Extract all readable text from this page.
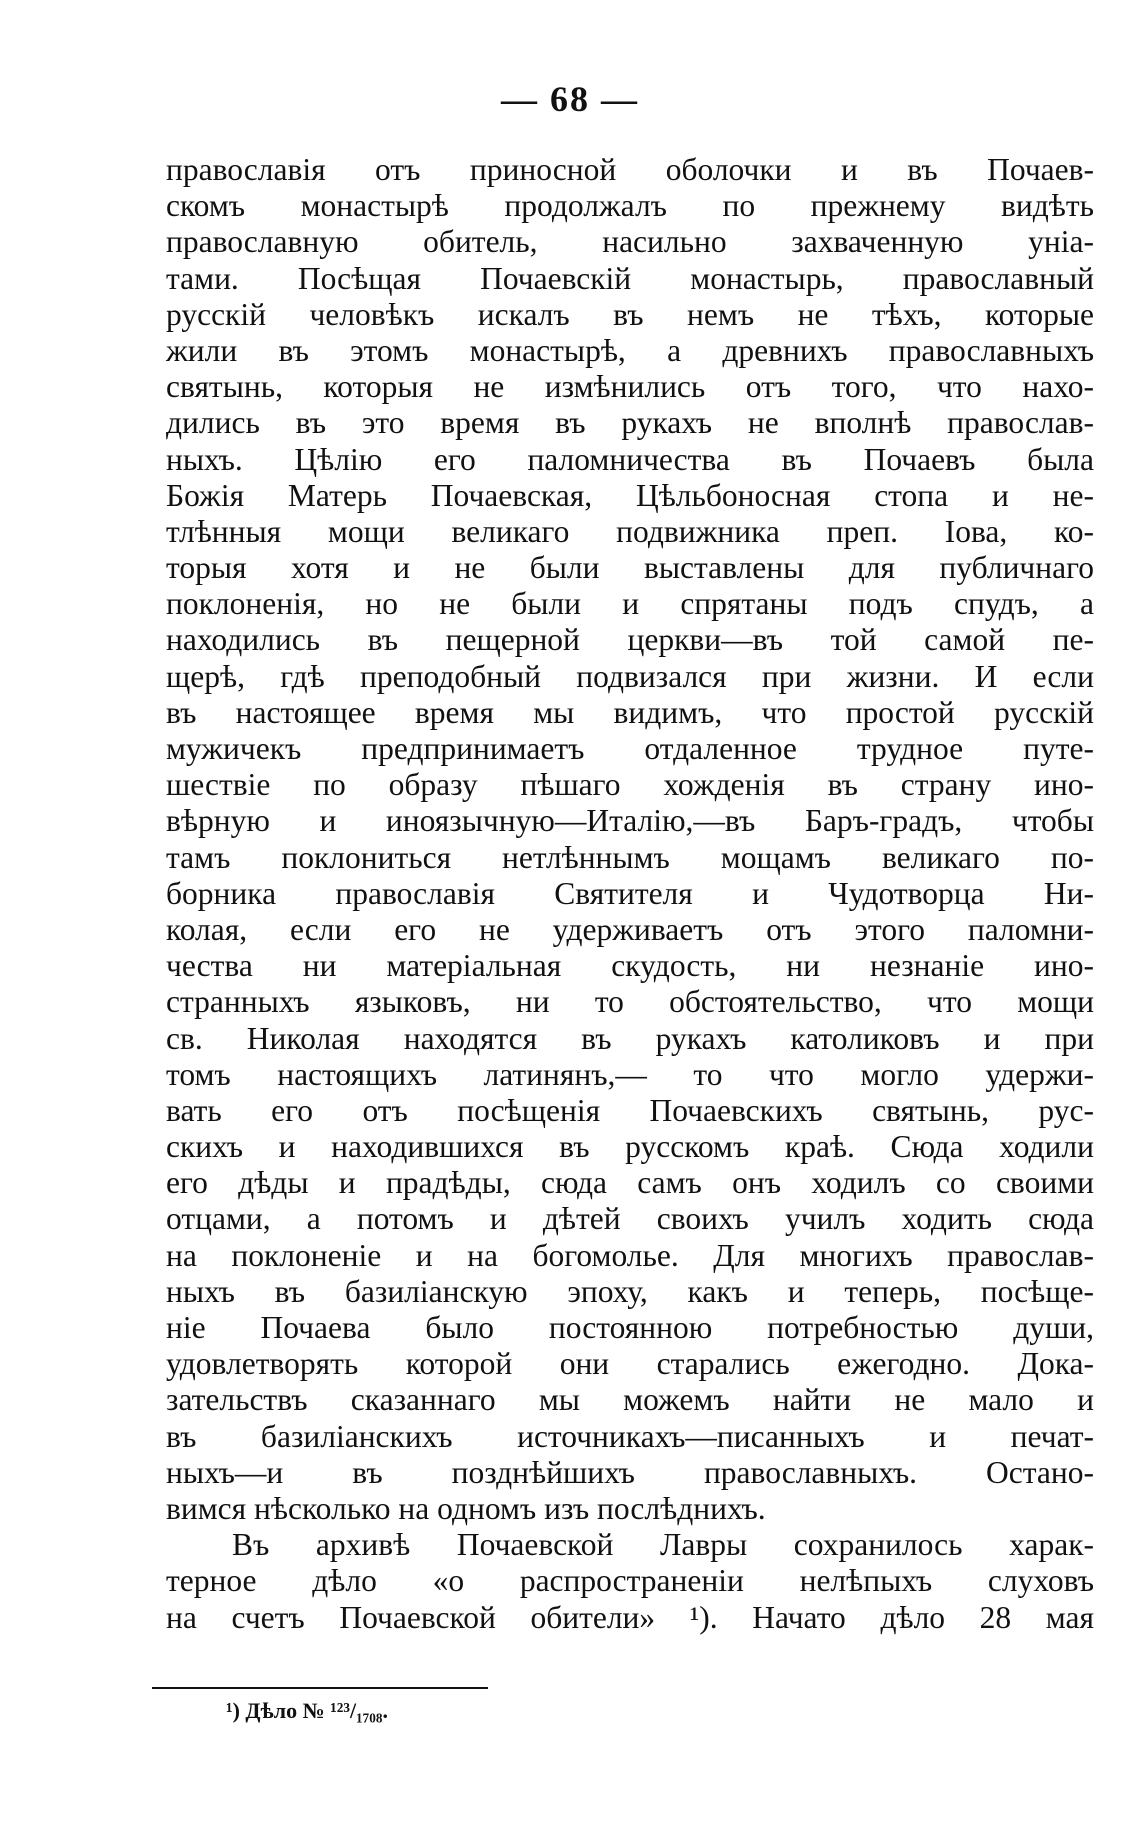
— 68 —
православія отъ приносной оболочки и въ Почаев-
скомъ монастырѣ продолжалъ по прежнему видѣть
православную обитель, насильно захваченную уніа-
тами. Посѣщая Почаевскій монастырь, православный
русскій человѣкъ искалъ въ немъ не тѣхъ, которые
жили въ этомъ монастырѣ, а древнихъ православныхъ
святынь, которыя не измѣнились отъ того, что нахо-
дились въ это время въ рукахъ не вполнѣ православ-
ныхъ. Цѣлію его паломничества въ Почаевъ была
Божія Матерь Почаевская, Цѣльбоносная стопа и не-
тлѣнныя мощи великаго подвижника преп. Іова, ко-
торыя хотя и не были выставлены для публичнаго
поклоненія, но не были и спрятаны подъ спудъ, а
находились въ пещерной церкви—въ той самой пе-
щерѣ, гдѣ преподобный подвизался при жизни. И если
въ настоящее время мы видимъ, что простой русскій
мужичекъ предпринимаетъ отдаленное трудное путе-
шествіе по образу пѣшаго хожденія въ страну ино-
вѣрную и иноязычную—Италію,—въ Баръ-градъ, чтобы
тамъ поклониться нетлѣннымъ мощамъ великаго по-
борника православія Святителя и Чудотворца Ни-
колая, если его не удерживаетъ отъ этого паломни-
чества ни матеріальная скудость, ни незнаніе ино-
странныхъ языковъ, ни то обстоятельство, что мощи
св. Николая находятся въ рукахъ католиковъ и при
томъ настоящихъ латинянъ,— то что могло удержи-
вать его отъ посѣщенія Почаевскихъ святынь, рус-
скихъ и находившихся въ русскомъ краѣ. Сюда ходили
его дѣды и прадѣды, сюда самъ онъ ходилъ со своими
отцами, а потомъ и дѣтей своихъ училъ ходить сюда
на поклоненіе и на богомолье. Для многихъ православ-
ныхъ въ базиліанскую эпоху, какъ и теперь, посѣще-
ніе Почаева было постоянною потребностью души,
удовлетворять которой они старались ежегодно. Дока-
зательствъ сказаннаго мы можемъ найти не мало и
въ базиліанскихъ источникахъ—писанныхъ и печат-
ныхъ—и въ позднѣйшихъ православныхъ. Остано-
вимся нѣсколько на одномъ изъ послѣднихъ.
Въ архивѣ Почаевской Лавры сохранилось харак-
терное дѣло «о распространеніи нелѣпыхъ слуховъ
на счетъ Почаевской обители» ¹). Начато дѣло 28 мая
¹) Дѣло № ¹²³/₁₇₀₈.
